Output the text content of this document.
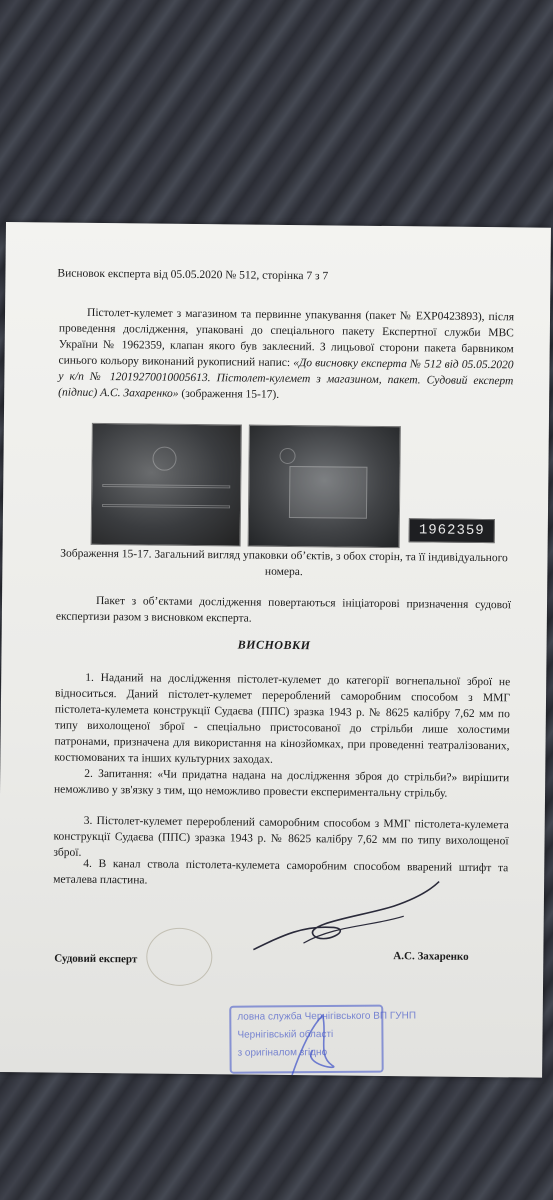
Висновок експерта від 05.05.2020 № 512, сторінка 7 з 7
Пістолет-кулемет з магазином та первинне упакування (пакет № EXP0423893), після проведення дослідження, упаковані до спеціального пакету Експертної служби МВС України № 1962359, клапан якого був заклеєний. З лицьової сторони пакета барвником синього кольору виконаний рукописний напис: «До висновку експерта № 512 від 05.05.2020 у к/п № 12019270010005613. Пістолет-кулемет з магазином, пакет. Судовий експерт (підпис) А.С. Захаренко» (зображення 15-17).
1962359
Зображення 15-17. Загальний вигляд упаковки об’єктів, з обох сторін, та її індивідуального номера.
Пакет з об’єктами дослідження повертаються ініціаторові призначення судової експертизи разом з висновком експерта.
ВИСНОВКИ
1. Наданий на дослідження пістолет-кулемет до категорії вогнепальної зброї не відноситься. Даний пістолет-кулемет перероблений саморобним способом з ММГ пістолета-кулемета конструкції Судаєва (ППС) зразка 1943 р. № 8625 калібру 7,62 мм по типу вихолощеної зброї - спеціально пристосованої до стрільби лише холостими патронами, призначена для використання на кінозйомках, при проведенні театралізованих, костюмованих та інших культурних заходах.
2. Запитання: «Чи придатна надана на дослідження зброя до стрільби?» вирішити неможливо у зв'язку з тим, що неможливо провести експериментальну стрільбу.
3. Пістолет-кулемет перероблений саморобним способом з ММГ пістолета-кулемета конструкції Судаєва (ППС) зразка 1943 р. № 8625 калібру 7,62 мм по типу вихолощеної зброї.
4. В канал ствола пістолета-кулемета саморобним способом вварений штифт та металева пластина.
Судовий експерт	А.С. Захаренко
ловна служба Чернігівського ВП ГУНП
Чернігівській області
з оригіналом згідно
